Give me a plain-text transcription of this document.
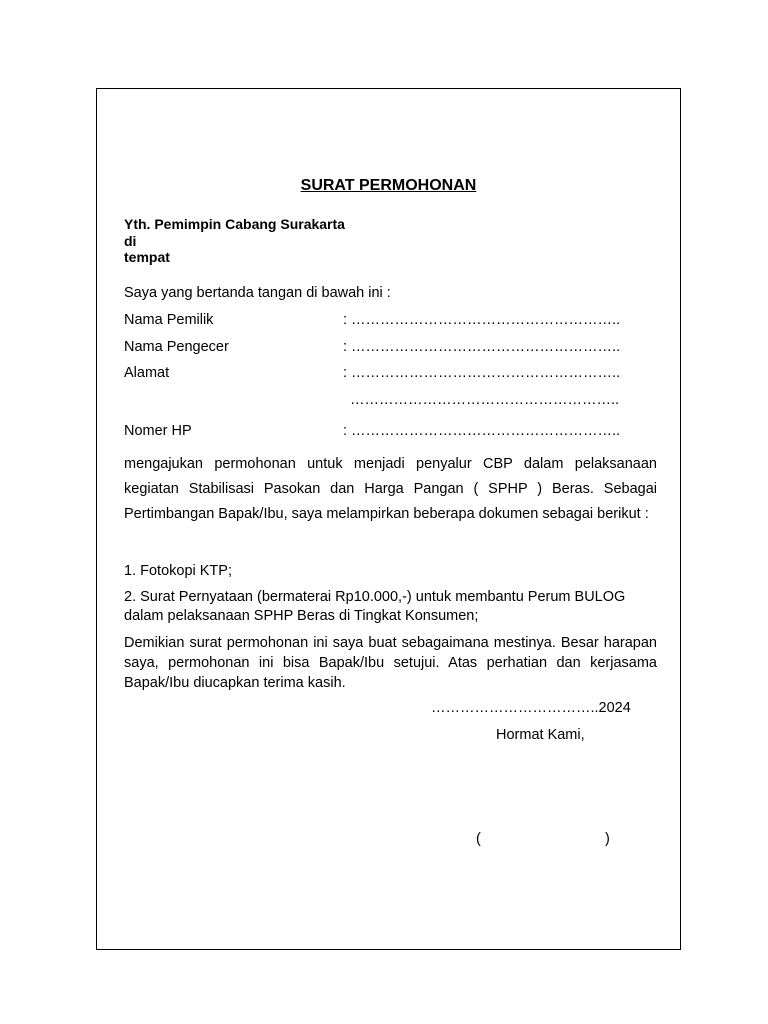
SURAT PERMOHONAN
Yth. Pemimpin Cabang Surakarta
di
tempat
Saya yang bertanda tangan di bawah ini :
Nama Pemilik	: ………………………………………………..
Nama Pengecer	: ………………………………………………..
Alamat	: ………………………………………………..
………………………………………………..
Nomer HP	: ………………………………………………..
mengajukan permohonan untuk menjadi penyalur CBP dalam pelaksanaan kegiatan Stabilisasi Pasokan dan Harga Pangan ( SPHP ) Beras. Sebagai Pertimbangan Bapak/Ibu, saya melampirkan beberapa dokumen sebagai berikut :
1. Fotokopi KTP;
2. Surat Pernyataan (bermaterai Rp10.000,-) untuk membantu Perum BULOG dalam pelaksanaan SPHP Beras di Tingkat Konsumen;
Demikian surat permohonan ini saya buat sebagaimana mestinya. Besar harapan saya, permohonan ini bisa Bapak/Ibu setujui. Atas perhatian dan kerjasama Bapak/Ibu diucapkan terima kasih.
……………………………..2024
Hormat Kami,
(	)
